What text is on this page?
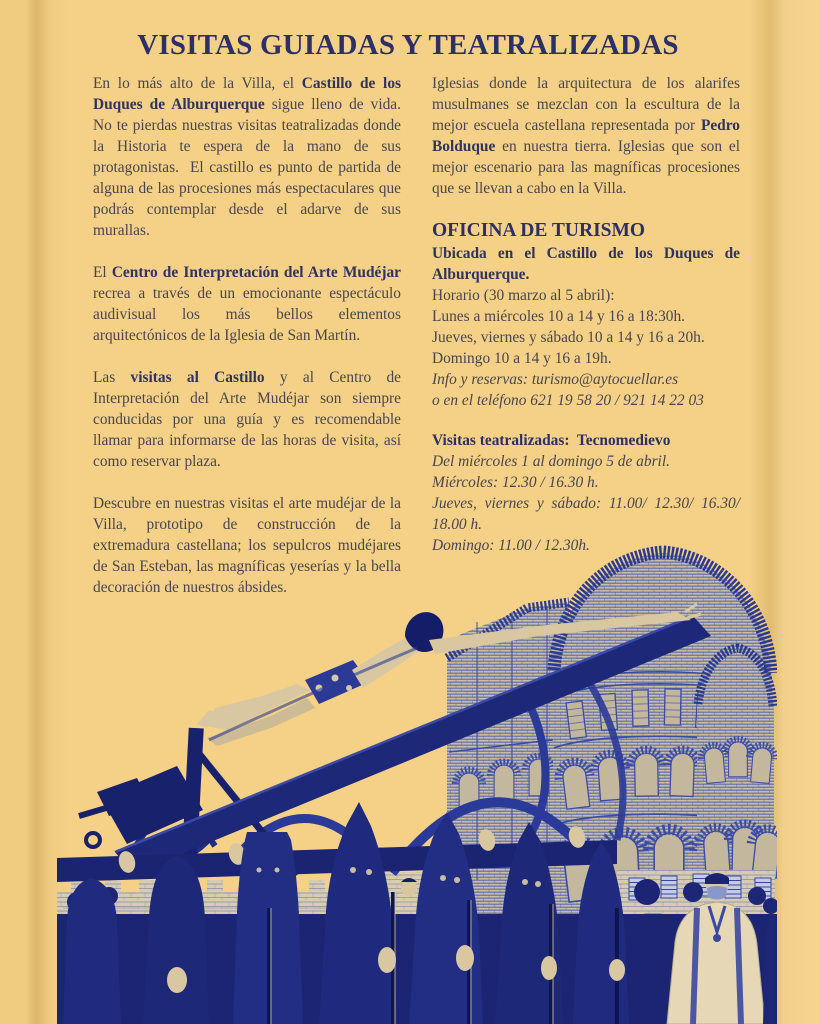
VISITAS GUIADAS Y TEATRALIZADAS

En lo más alto de la Villa, el Castillo de los Duques de Alburquerque sigue lleno de vida. No te pierdas nuestras visitas teatralizadas donde la Historia te espera de la mano de sus protagonistas.  El castillo es punto de partida de alguna de las procesiones más espectaculares que podrás contemplar desde el adarve de sus murallas.

El Centro de Interpretación del Arte Mudéjar recrea a través de un emocionante espectáculo audivisual los más bellos elementos arquitectónicos de la Iglesia de San Martín.

Las visitas al Castillo y al Centro de Interpretación del Arte Mudéjar son siempre conducidas por una guía y es recomendable llamar para informarse de las horas de visita, así como reservar plaza.

Descubre en nuestras visitas el arte mudéjar de la Villa, prototipo de construcción de la extremadura castellana; los sepulcros mudéjares de San Esteban, las magníficas yeserías y la bella decoración de nuestros ábsides.

Iglesias donde la arquitectura de los alarifes musulmanes se mezclan con la escultura de la mejor escuela castellana representada por Pedro Bolduque en nuestra tierra. Iglesias que son el mejor escenario para las magníficas procesiones que se llevan a cabo en la Villa.

OFICINA DE TURISMO
Ubicada en el Castillo de los Duques de Alburquerque.
Horario (30 marzo al 5 abril):
Lunes a miércoles 10 a 14 y 16 a 18:30h.
Jueves, viernes y sábado 10 a 14 y 16 a 20h.
Domingo 10 a 14 y 16 a 19h.
Info y reservas: turismo@aytocuellar.es
o en el teléfono 621 19 58 20 / 921 14 22 03
Visitas teatralizadas:  Tecnomedievo
Del miércoles 1 al domingo 5 de abril.
Miércoles: 12.30 / 16.30 h.
Jueves, viernes y sábado: 11.00/ 12.30/ 16.30/ 18.00 h.
Domingo: 11.00 / 12.30h.
